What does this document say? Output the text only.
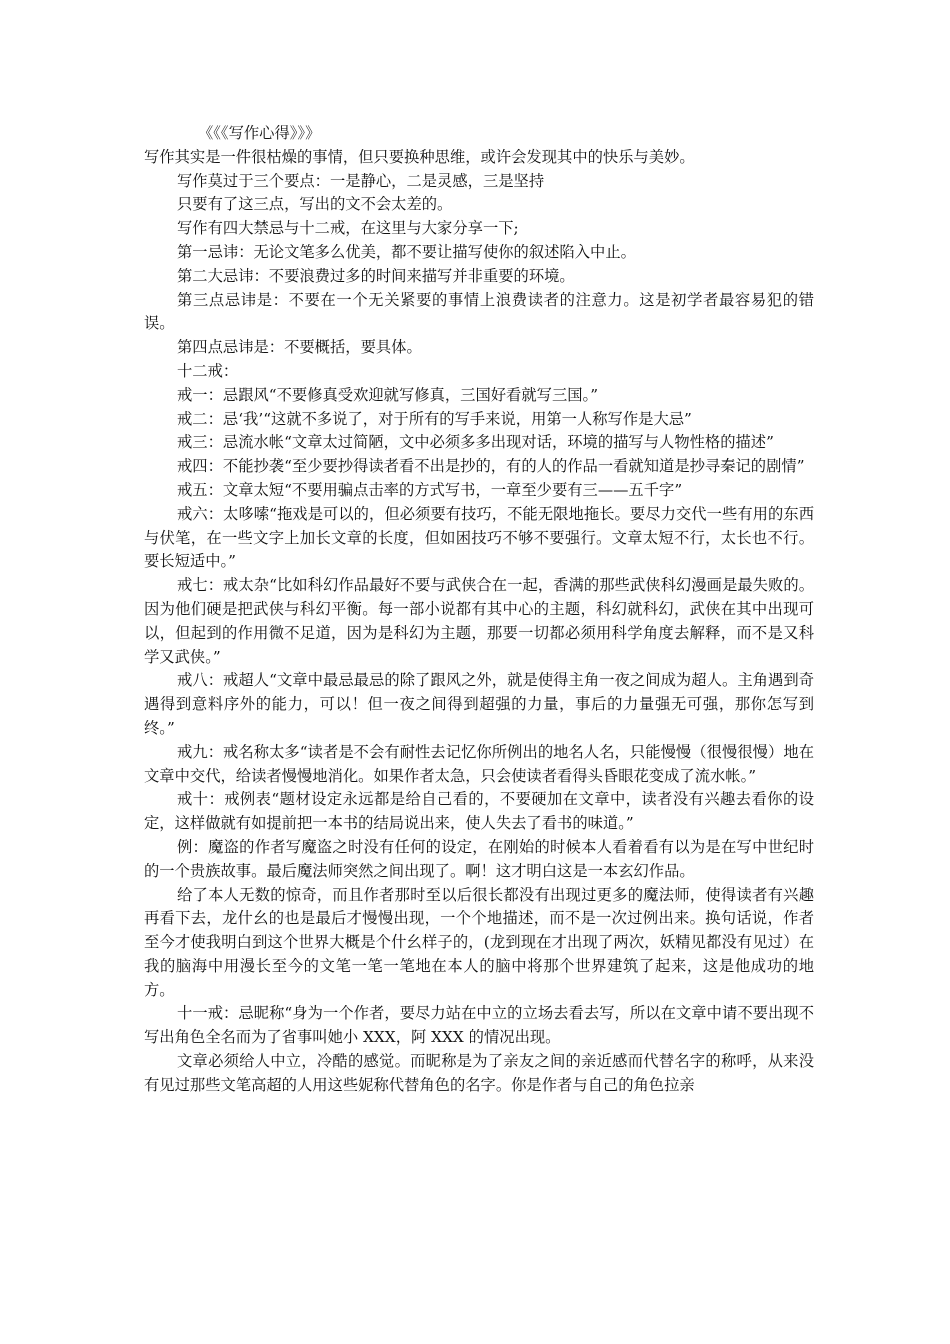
《《《写作心得》》》

写作其实是一件很枯燥的事情，但只要换种思维，或许会发现其中的快乐与美妙。

写作莫过于三个要点：一是静心，二是灵感，三是坚持

只要有了这三点，写出的文不会太差的。

写作有四大禁忌与十二戒，在这里与大家分享一下;

第一忌讳：无论文笔多么优美，都不要让描写使你的叙述陷入中止。

第二大忌讳：不要浪费过多的时间来描写并非重要的环境。

第三点忌讳是：不要在一个无关紧要的事情上浪费读者的注意力。这是初学者最容易犯的错误。

第四点忌讳是：不要概括，要具体。

十二戒：

戒一：忌跟风“不要修真受欢迎就写修真，三国好看就写三国。”

戒二：忌‘我’“这就不多说了，对于所有的写手来说，用第一人称写作是大忌”

戒三：忌流水帐“文章太过简陋，文中必须多多出现对话，环境的描写与人物性格的描述”

戒四：不能抄袭“至少要抄得读者看不出是抄的，有的人的作品一看就知道是抄寻秦记的剧情”

戒五：文章太短“不要用骗点击率的方式写书，一章至少要有三——五千字”

戒六：太哆嗦“拖戏是可以的，但必须要有技巧，不能无限地拖长。要尽力交代一些有用的东西与伏笔，在一些文字上加长文章的长度，但如困技巧不够不要强行。文章太短不行，太长也不行。要长短适中。”

戒七：戒太杂“比如科幻作品最好不要与武侠合在一起，香满的那些武侠科幻漫画是最失败的。因为他们硬是把武侠与科幻平衡。每一部小说都有其中心的主题，科幻就科幻，武侠在其中出现可以，但起到的作用微不足道，因为是科幻为主题，那要一切都必须用科学角度去解释，而不是又科学又武侠。”

戒八：戒超人“文章中最忌最忌的除了跟风之外，就是使得主角一夜之间成为超人。主角遇到奇遇得到意料序外的能力，可以！但一夜之间得到超强的力量，事后的力量强无可强，那你怎写到终。”

戒九：戒名称太多“读者是不会有耐性去记忆你所例出的地名人名，只能慢慢（很慢很慢）地在文章中交代，给读者慢慢地消化。如果作者太急，只会使读者看得头昏眼花变成了流水帐。”

戒十：戒例表“题材设定永远都是给自己看的，不要硬加在文章中，读者没有兴趣去看你的设定，这样做就有如提前把一本书的结局说出来，使人失去了看书的味道。”

例：魔盗的作者写魔盗之时没有任何的设定，在刚始的时候本人看着看有以为是在写中世纪时的一个贵族故事。最后魔法师突然之间出现了。啊！这才明白这是一本玄幻作品。

给了本人无数的惊奇，而且作者那时至以后很长都没有出现过更多的魔法师，使得读者有兴趣再看下去，龙什幺的也是最后才慢慢出现，一个个地描述，而不是一次过例出来。换句话说，作者至今才使我明白到这个世界大概是个什幺样子的，(龙到现在才出现了两次，妖精见都没有见过）在我的脑海中用漫长至今的文笔一笔一笔地在本人的脑中将那个世界建筑了起来，这是他成功的地方。

十一戒：忌昵称“身为一个作者，要尽力站在中立的立场去看去写，所以在文章中请不要出现不写出角色全名而为了省事叫她小 XXX，阿 XXX 的情况出现。

文章必须给人中立，冷酷的感觉。而昵称是为了亲友之间的亲近感而代替名字的称呼，从来没有见过那些文笔高超的人用这些妮称代替角色的名字。你是作者与自己的角色拉亲
